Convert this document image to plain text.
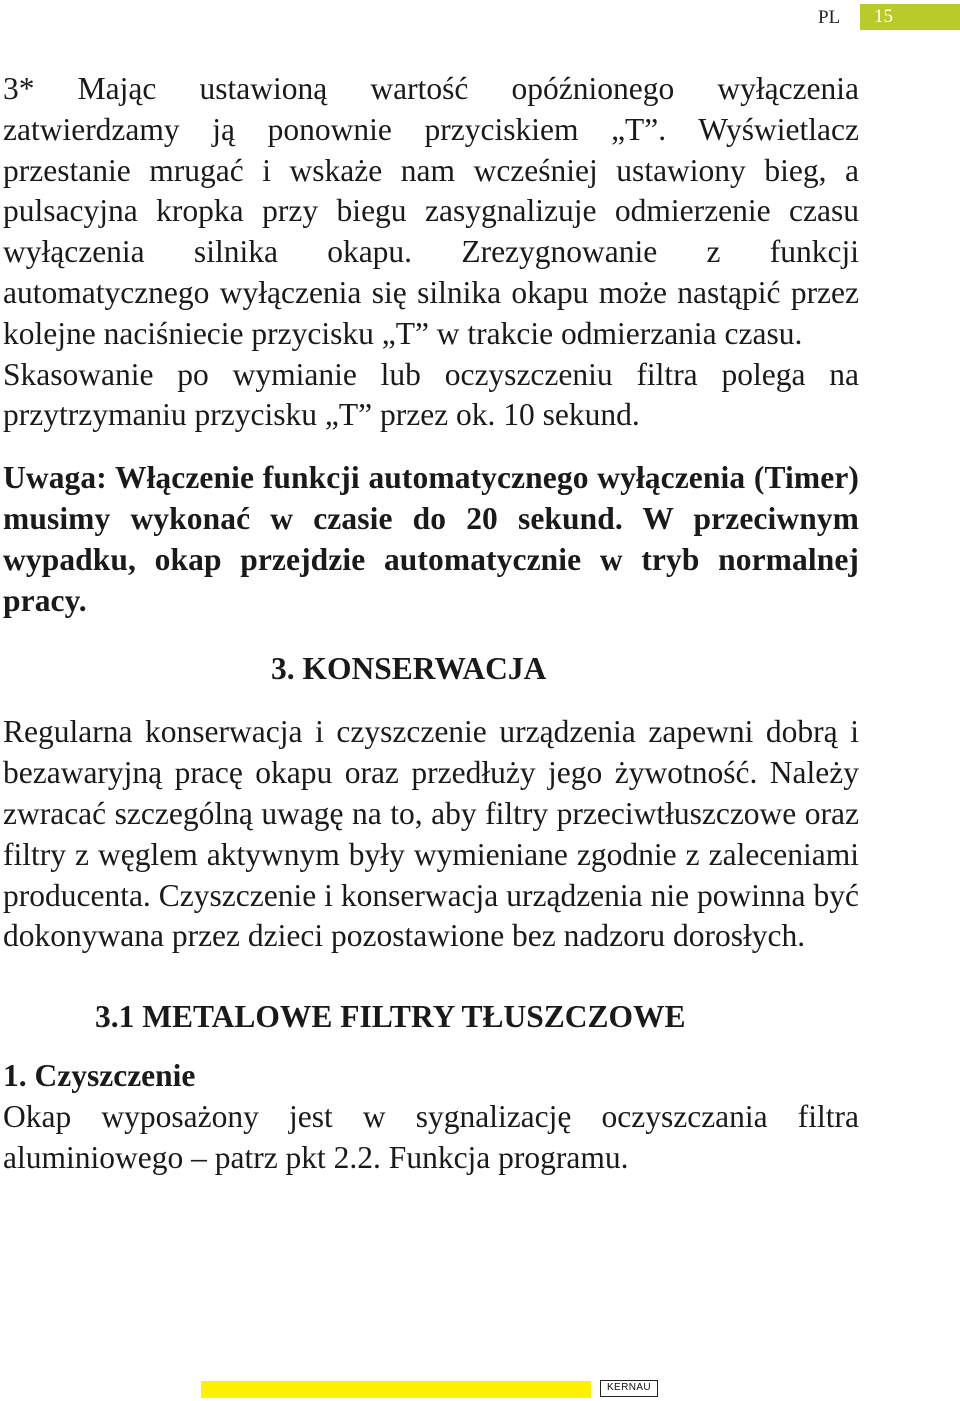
PL	15

3* Mając ustawioną wartość opóźnionego wyłączenia zatwierdzamy ją ponownie przyciskiem „T”. Wyświetlacz przestanie mrugać i wskaże nam wcześniej ustawiony bieg, a pulsacyjna kropka przy biegu zasygnalizuje odmierzenie czasu wyłączenia silnika okapu. Zrezygnowanie z funkcji automatycznego wyłączenia się silnika okapu może nastąpić przez kolejne naciśniecie przycisku „T” w trakcie odmierzania czasu.

Skasowanie po wymianie lub oczyszczeniu filtra polega na przytrzymaniu przycisku „T” przez ok. 10 sekund.

Uwaga: Włączenie funkcji automatycznego wyłączenia (Timer) musimy wykonać w czasie do 20 sekund. W przeciwnym wypadku, okap przejdzie automatycznie w tryb normalnej pracy.

3. KONSERWACJA

Regularna konserwacja i czyszczenie urządzenia zapewni dobrą i bezawaryjną pracę okapu oraz przedłuży jego żywotność. Należy zwracać szczególną uwagę na to, aby filtry przeciwtłuszczowe oraz filtry z węglem aktywnym były wymieniane zgodnie z zaleceniami producenta. Czyszczenie i konserwacja urządzenia nie powinna być dokonywana przez dzieci pozostawione bez nadzoru dorosłych.

3.1 METALOWE FILTRY TŁUSZCZOWE
1. Czyszczenie

Okap wyposażony jest w sygnalizację oczyszczania filtra aluminiowego – patrz pkt 2.2. Funkcja programu.

KERNAU
